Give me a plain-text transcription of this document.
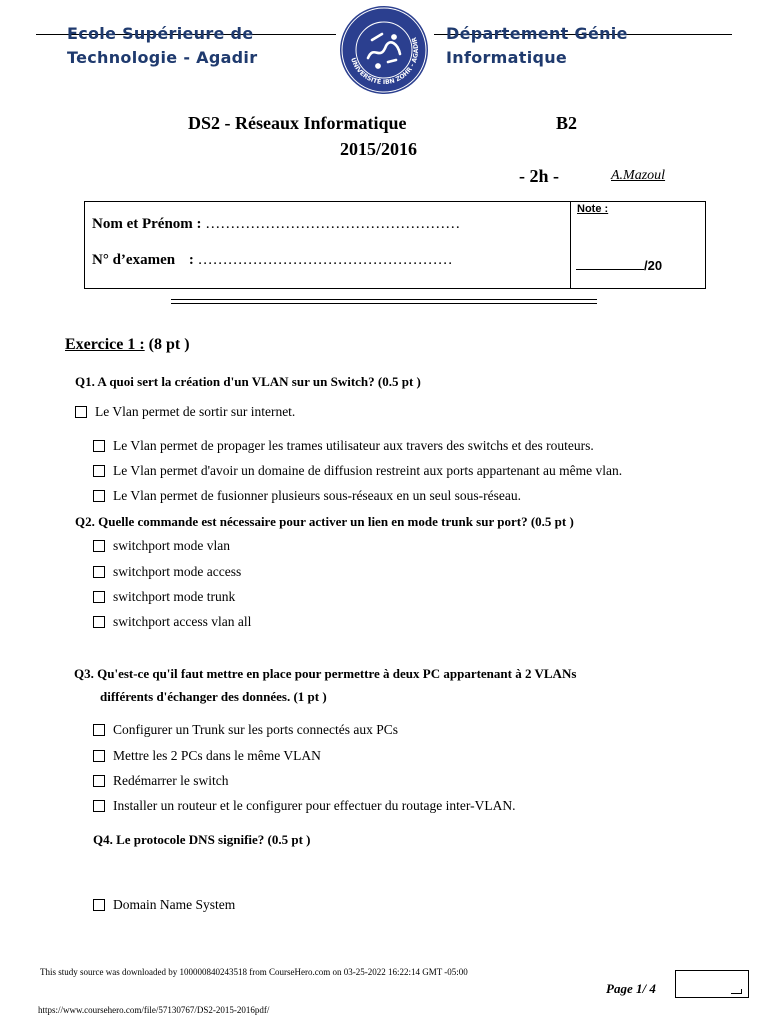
Ecole Supérieure de
Technologie - Agadir
Département Génie
Informatique
UNIVERSITÉ IBN ZOHR - AGADIR
DS2 - Réseaux Informatique	B2
2015/2016
- 2h -	A.Mazoul
Nom et Prénom : ……………………………………………
N° d’examen : ……………………………………………
Note :
/20
Exercice 1 : (8 pt )
Q1. A quoi sert la création d'un VLAN sur un Switch? (0.5 pt )
Le Vlan permet de sortir sur internet.
Le Vlan permet de propager les trames utilisateur aux travers des switchs et des routeurs.
Le Vlan permet d'avoir un domaine de diffusion restreint aux ports appartenant au même vlan.
Le Vlan permet de fusionner plusieurs sous-réseaux en un seul sous-réseau.
Q2. Quelle commande est nécessaire pour activer un lien en mode trunk sur port? (0.5 pt )
switchport mode vlan
switchport mode access
switchport mode trunk
switchport access vlan all
Q3. Qu'est-ce qu'il faut mettre en place pour permettre à deux PC appartenant à 2 VLANs
différents d'échanger des données. (1 pt )
Configurer un Trunk sur les ports connectés aux PCs
Mettre les 2 PCs dans le même VLAN
Redémarrer le switch
Installer un routeur et le configurer pour effectuer du routage inter-VLAN.
Q4. Le protocole DNS signifie? (0.5 pt )
Domain Name System
This study source was downloaded by 100000840243518 from CourseHero.com on 03-25-2022 16:22:14 GMT -05:00
https://www.coursehero.com/file/57130767/DS2-2015-2016pdf/
Page 1/ 4
